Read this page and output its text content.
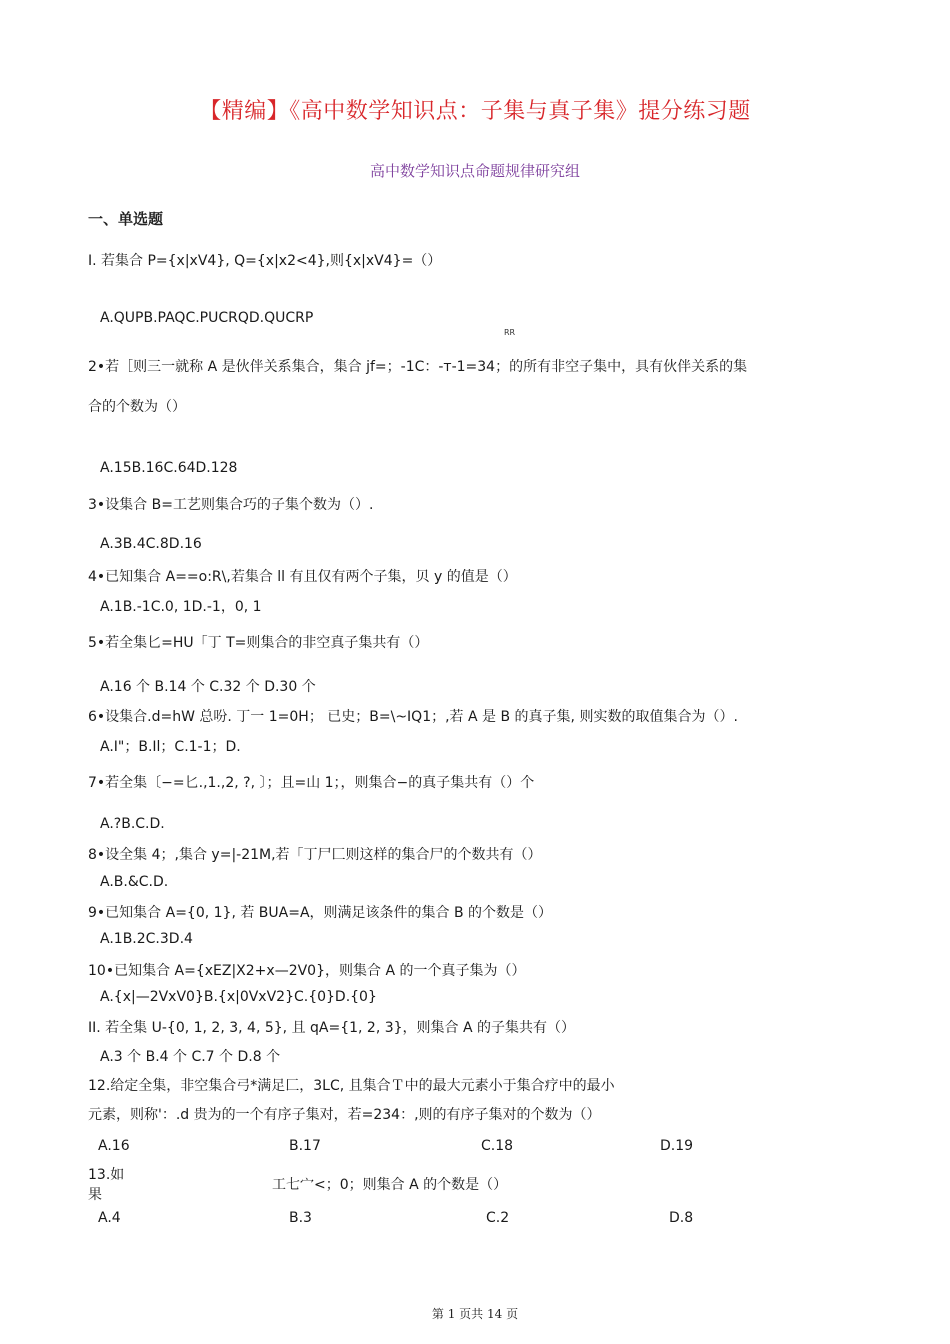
【精编】《高中数学知识点：子集与真子集》提分练习题
高中数学知识点命题规律研究组
一、单选题
I. 若集合 P={x|xV4}, Q={x|x2<4},则{x|xV4}=（）
A.QUPB.PAQC.PUCRQD.QUCRP
RR
2•若［则三一就称 A 是伙伴关系集合，集合 jf=；-1C：-т-1=34；的所有非空子集中，具有伙伴关系的集
合的个数为（）
A.15B.16C.64D.128
3•设集合 B=工艺则集合巧的子集个数为（）.
A.3B.4C.8D.16
4•已知集合 A==o:R\,若集合 ll 有且仅有两个子集，贝 y 的值是（）
A.1B.-1C.0, 1D.-1，0, 1
5•若全集匕=HU「丁 T=则集合的非空真子集共有（）
A.16 个 B.14 个 C.32 个 D.30 个
6•设集合.d=hW 总吩. 丁一 1=0H； 已史；B=\~IQ1；,若 A 是 B 的真子集, 则实数的取值集合为（）.
A.I"；B.Il；C.1-1；D.
7•若全集〔−=匕.,1.,2, ?, 〕；且=山 1；，则集合−的真子集共有（）个
A.?B.C.D.
8•设全集 4；,集合 y=|-21M,若「丁尸匚则这样的集合尸的个数共有（）
A.B.&C.D.
9•已知集合 A={0, 1}, 若 BUA=A，则满足该条件的集合 B 的个数是（）
A.1B.2C.3D.4
10•已知集合 A={xEZ|X2+x—2V0}，则集合 A 的一个真子集为（）
A.{x|—2VxV0}B.{x|0VxV2}C.{0}D.{0}
II. 若全集 U-{0, 1, 2, 3, 4, 5}, 且 qA={1, 2, 3}，则集合 A 的子集共有（）
A.3 个 B.4 个 C.7 个 D.8 个
12.给定全集，非空集合弓*满足匚，3LC, 且集合Ｔ中的最大元素小于集合疗中的最小
元素，则称'：.d 贵为的一个有序子集对，若=234：,则的有序子集对的个数为（）
A.16	B.17	C.18	D.19
13.如
果
工七宀<；0；则集合 A 的个数是（）
A.4	B.3	C.2	D.8
第 1 页共 14 页
